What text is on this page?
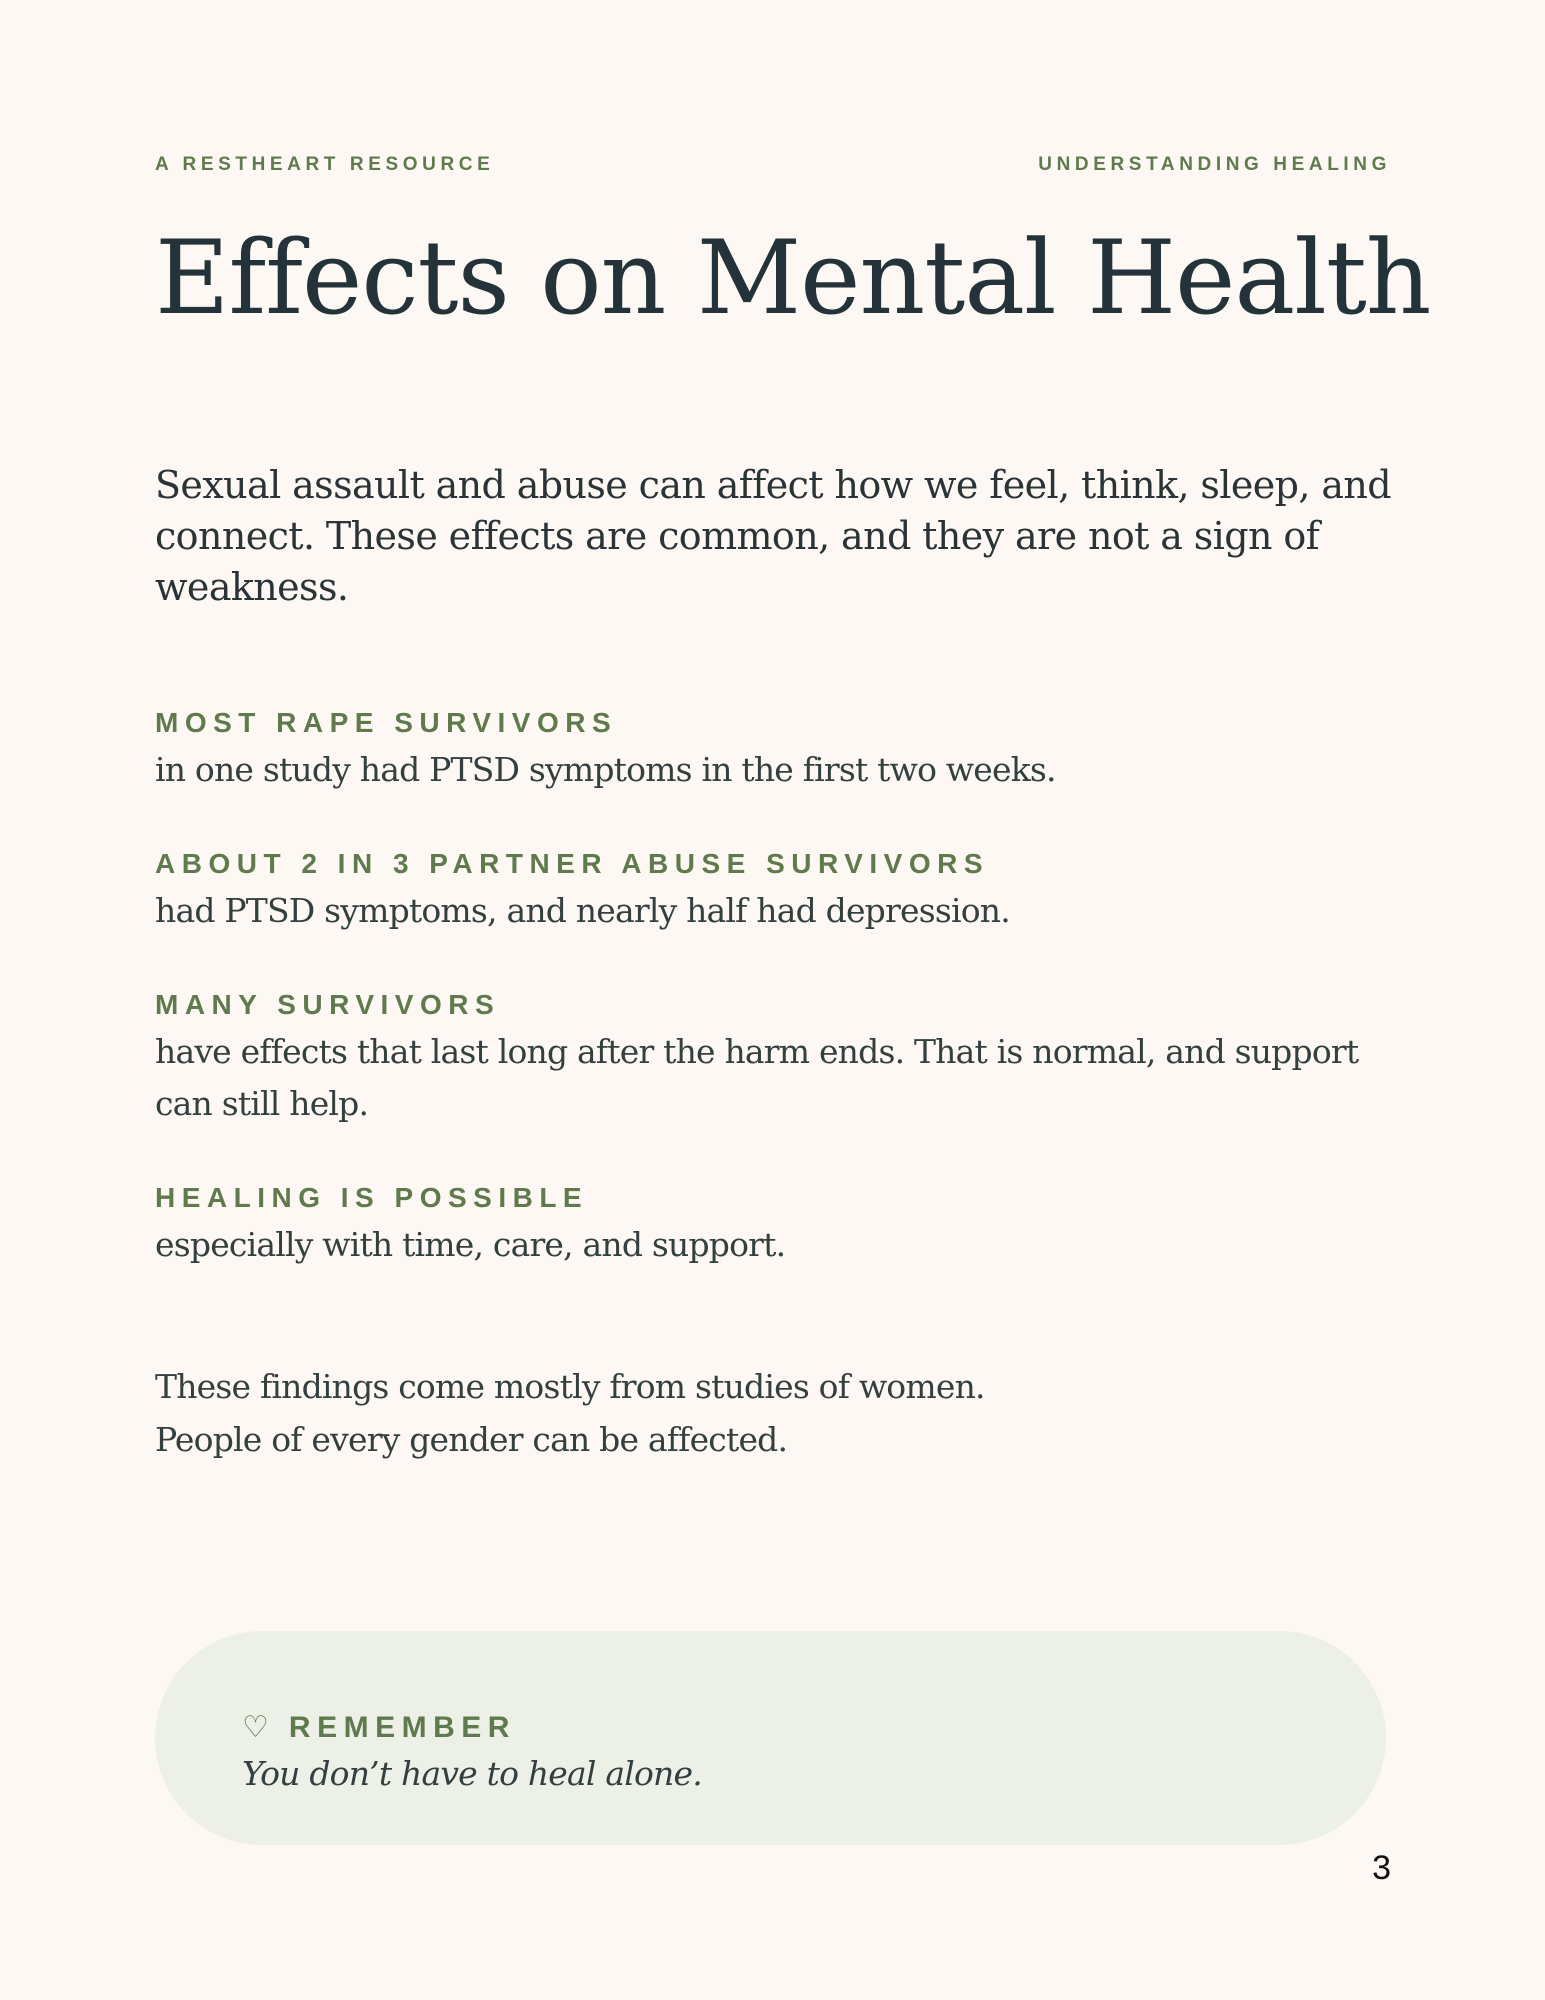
A RESTHEART RESOURCE	UNDERSTANDING HEALING
Effects on Mental Health

Sexual assault and abuse can affect how we feel, think, sleep, and connect. These effects are common, and they are not a sign of weakness.

MOST RAPE SURVIVORS

in one study had PTSD symptoms in the first two weeks.

ABOUT 2 IN 3 PARTNER ABUSE SURVIVORS

had PTSD symptoms, and nearly half had depression.

MANY SURVIVORS

have effects that last long after the harm ends. That is normal, and support can still help.

HEALING IS POSSIBLE

especially with time, care, and support.

These findings come mostly from studies of women.

People of every gender can be affected.

♡ REMEMBER
You don’t have to heal alone.
3
